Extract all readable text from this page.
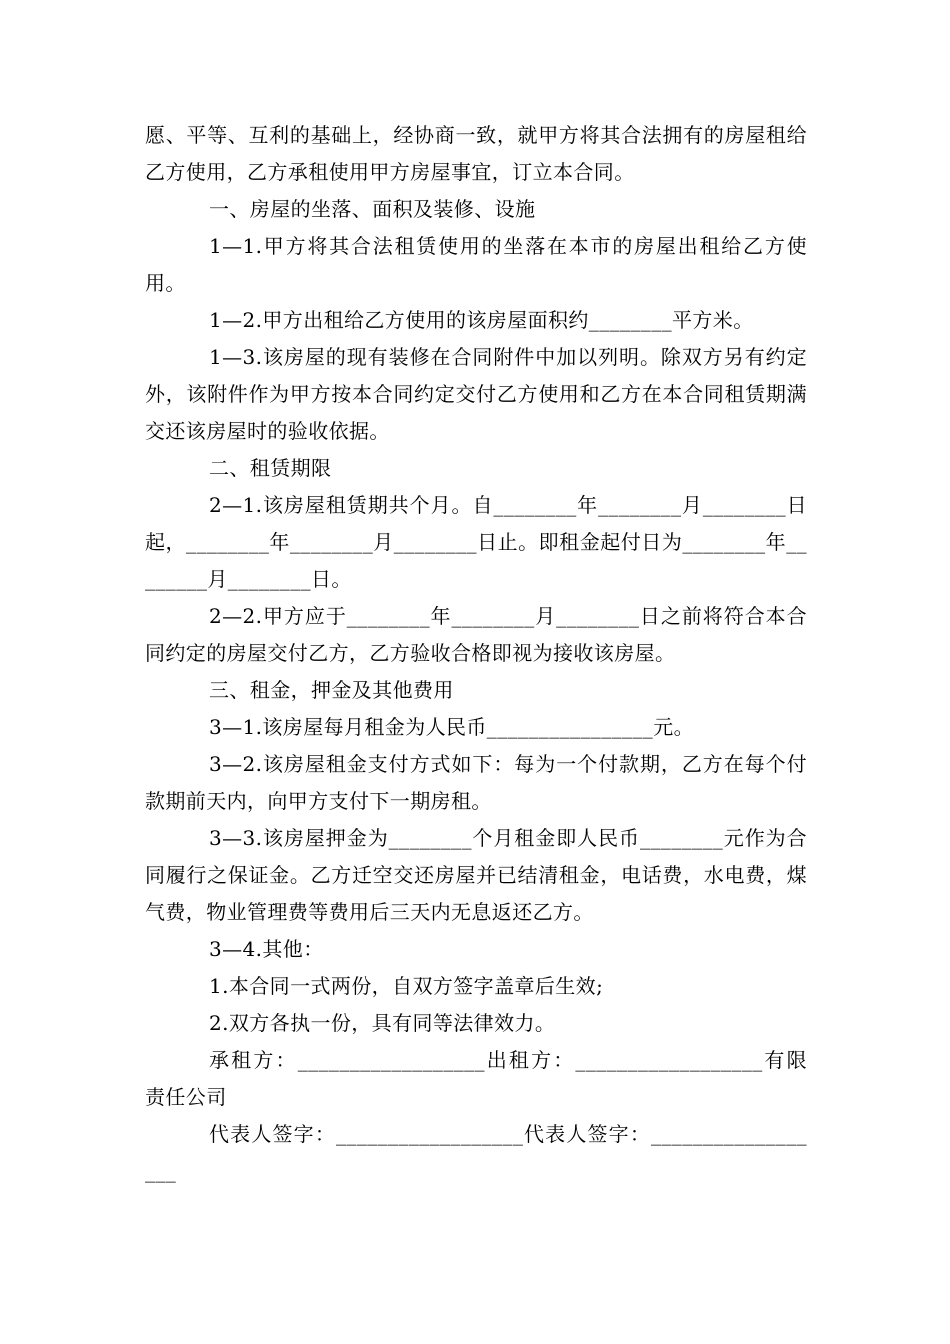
愿、平等、互利的基础上，经协商一致，就甲方将其合法拥有的房屋租给乙方使用，乙方承租使用甲方房屋事宜，订立本合同。

一、房屋的坐落、面积及装修、设施

1—1.甲方将其合法租赁使用的坐落在本市的房屋出租给乙方使用。

1—2.甲方出租给乙方使用的该房屋面积约________平方米。

1—3.该房屋的现有装修在合同附件中加以列明。除双方另有约定外，该附件作为甲方按本合同约定交付乙方使用和乙方在本合同租赁期满交还该房屋时的验收依据。

二、租赁期限

2—1.该房屋租赁期共个月。自________年________月________日起，________年________月________日止。即租金起付日为________年________月________日。

2—2.甲方应于________年________月________日之前将符合本合同约定的房屋交付乙方，乙方验收合格即视为接收该房屋。

三、租金，押金及其他费用

3—1.该房屋每月租金为人民币________________元。

3—2.该房屋租金支付方式如下：每为一个付款期，乙方在每个付款期前天内，向甲方支付下一期房租。

3—3.该房屋押金为________个月租金即人民币________元作为合同履行之保证金。乙方迁空交还房屋并已结清租金，电话费，水电费，煤气费，物业管理费等费用后三天内无息返还乙方。

3—4.其他：

1.本合同一式两份，自双方签字盖章后生效;

2.双方各执一份，具有同等法律效力。

承租方：__________________出租方：__________________有限责任公司

代表人签字：__________________代表人签字：__________________
